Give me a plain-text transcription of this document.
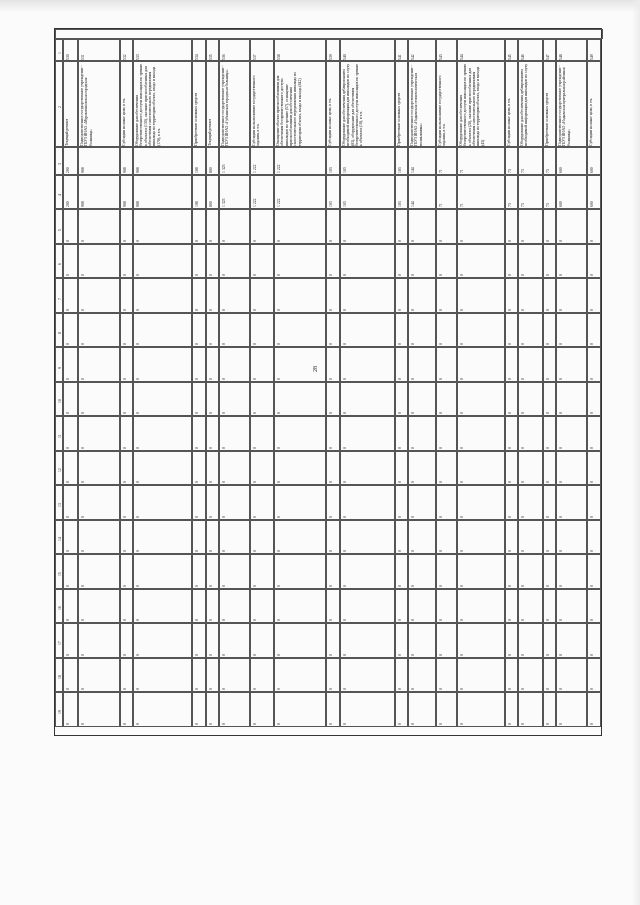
28
1
2
3
4
5
6
7
8
9
10
11
12
13
14
15
16
17
18
19
530
Текущий ремонт
200
200
0
0
0
0
0
0
0
0
0
0
0
0
0
0
0
531
Подведомственное государственное учреждение - ГБУЗ ЯНАО «Муравленковская городская больница»
908
908
0
0
0
0
0
0
0
0
0
0
0
0
0
0
0
532
Субсидии на иные цели, в т.ч.
908
908
0
0
0
0
0
0
0
0
0
0
0
0
0
0
0
533
Оборудование для обеспечения беспрепятственного доступа инвалидов по зрению к объектам (130), оказание приспособленных для обеспечения самостоятельного передвижения инвалида по территории объекта, входа и выхода (178), в т.ч.
908
908
0
0
0
0
0
0
0
0
0
0
0
0
0
0
0
534
Приобретение основных средств
108
108
0
0
0
0
0
0
0
0
0
0
0
0
0
0
0
535
Текущий ремонт
800
800
0
0
0
0
0
0
0
0
0
0
0
0
0
0
0
536
Подведомственное государственное учреждение - ГБУЗ ЯНАО «Губкинская городская больница»
1 325
1 325
0
0
0
0
0
0
0
0
0
0
0
0
0
0
0
537
Субсидии на выполнение государственного задания, в т.ч.
1 222
1 222
0
0
0
0
0
0
0
0
0
0
0
0
0
0
0
538
Оснащение объекта приспособлениями для обеспечения беспрепятственного доступа инвалидов по зрению (57), оснащение приспособлениями для обеспечения самостоятельного передвижения инвалида по территории объекта, входа и выхода (842)
1 222
1 222
0
0
0
0
0
0
0
0
0
0
0
0
0
0
0
539
Субсидии на иные цели, в т.ч.
103
103
0
0
0
0
0
0
0
0
0
0
0
0
0
0
0
540
Оборудование для обеспечения дублированием необходимой информации для инвалидов по слуху (83), оборудование для обеспечения беспрепятственного доступа инвалидов по зрению к объектам (18), в т.ч.
103
103
0
0
0
0
0
0
0
0
0
0
0
0
0
0
0
541
Приобретение основных средств
103
103
0
0
0
0
0
0
0
0
0
0
0
0
0
0
0
542
Подведомственное государственное учреждение - ГБУЗ ЯНАО «Надымская стоматологическая поликлиника»
144
144
0
0
0
0
0
0
0
0
0
0
0
0
0
0
0
543
Субсидии на выполнение государственного задания, в т.ч.
71
71
0
0
0
0
0
0
0
0
0
0
0
0
0
0
0
544
Оборудование для обеспечения беспрепятственного доступа инвалидов по зрению к объектам (28), оказание приспособленных для обеспечения самостоятельного передвижения инвалида по территории объекта, входа и выхода (43)
71
71
0
0
0
0
0
0
0
0
0
0
0
0
0
0
0
545
Субсидии на иные цели, в т.ч.
73
73
0
0
0
0
0
0
0
0
0
0
0
0
0
0
0
546
Оборудование для обеспечения дублированием необходимой информации для инвалидов по слуху
73
73
0
0
0
0
0
0
0
0
0
0
0
0
0
0
0
547
Приобретение основных средств
73
73
0
0
0
0
0
0
0
0
0
0
0
0
0
0
0
548
Подведомственное государственное учреждение - ГБУЗ ЯНАО «Надымская центральная районная больница»
600
600
0
0
0
0
0
0
0
0
0
0
0
0
0
0
0
549
Субсидии на иные цели, в т.ч.
600
600
0
0
0
0
0
0
0
0
0
0
0
0
0
0
0
